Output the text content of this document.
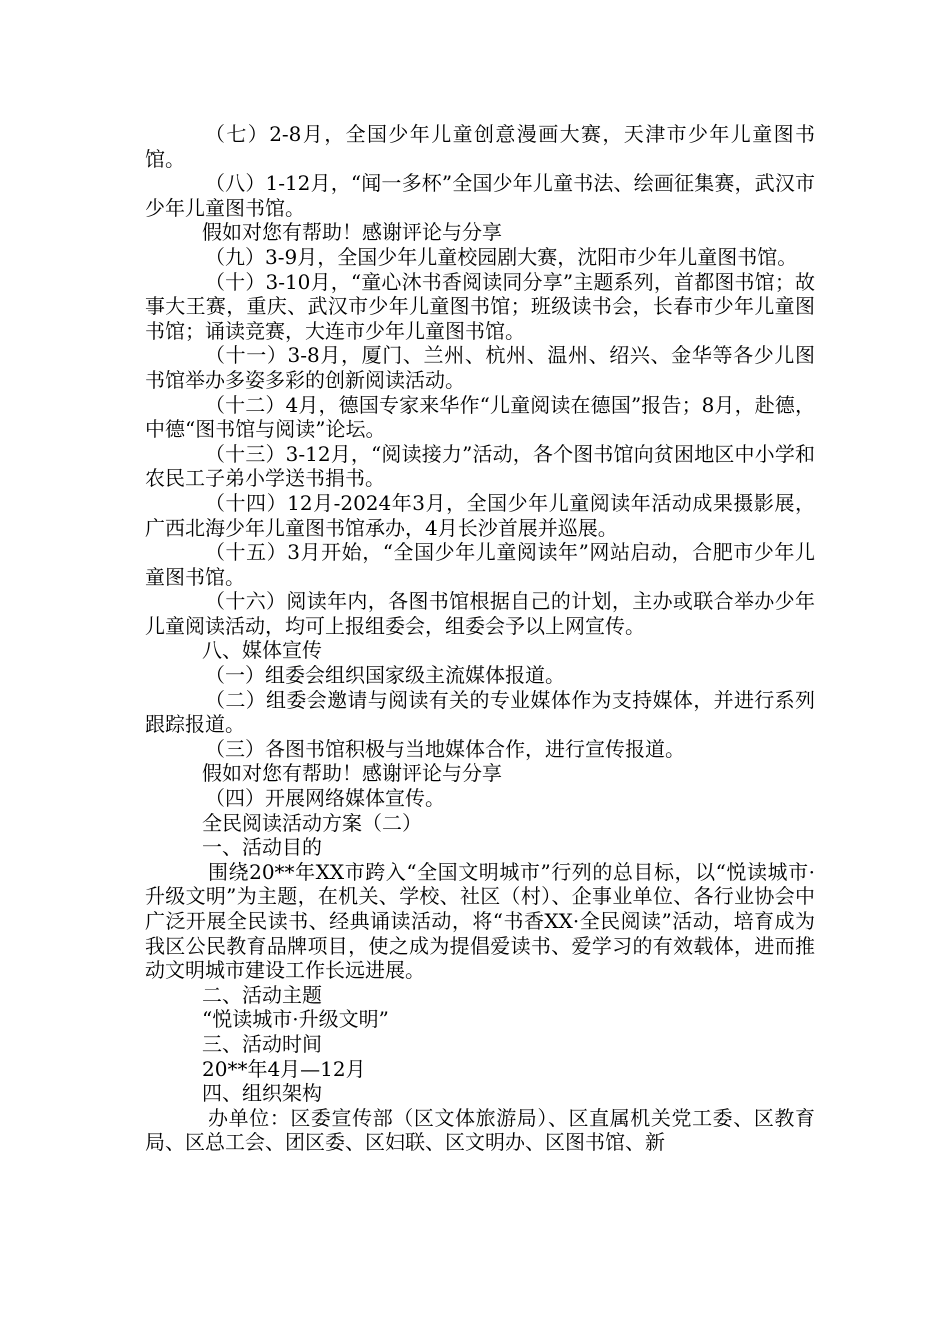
（七）2-8月，全国少年儿童创意漫画大赛，天津市少年儿童图书馆。

（八）1-12月，“闻一多杯”全国少年儿童书法、绘画征集赛，武汉市少年儿童图书馆。

假如对您有帮助！感谢评论与分享

（九）3-9月，全国少年儿童校园剧大赛，沈阳市少年儿童图书馆。

（十）3-10月，“童心沐书香阅读同分享”主题系列，首都图书馆；故事大王赛，重庆、武汉市少年儿童图书馆；班级读书会，长春市少年儿童图书馆；诵读竞赛，大连市少年儿童图书馆。

（十一）3-8月，厦门、兰州、杭州、温州、绍兴、金华等各少儿图书馆举办多姿多彩的创新阅读活动。

（十二）4月，德国专家来华作“儿童阅读在德国”报告；8月，赴德，中德“图书馆与阅读”论坛。

（十三）3-12月，“阅读接力”活动，各个图书馆向贫困地区中小学和农民工子弟小学送书捐书。

（十四）12月-2024年3月，全国少年儿童阅读年活动成果摄影展，广西北海少年儿童图书馆承办，4月长沙首展并巡展。

（十五）3月开始，“全国少年儿童阅读年”网站启动，合肥市少年儿童图书馆。

（十六）阅读年内，各图书馆根据自己的计划，主办或联合举办少年儿童阅读活动，均可上报组委会，组委会予以上网宣传。

八、媒体宣传

（一）组委会组织国家级主流媒体报道。

（二）组委会邀请与阅读有关的专业媒体作为支持媒体，并进行系列跟踪报道。

（三）各图书馆积极与当地媒体合作，进行宣传报道。

假如对您有帮助！感谢评论与分享

（四）开展网络媒体宣传。

全民阅读活动方案（二）

一、活动目的

围绕20**年XX市跨入“全国文明城市”行列的总目标，以“悦读城市·升级文明”为主题，在机关、学校、社区（村）、企事业单位、各行业协会中广泛开展全民读书、经典诵读活动，将“书香XX·全民阅读”活动，培育成为我区公民教育品牌项目，使之成为提倡爱读书、爱学习的有效载体，进而推动文明城市建设工作长远进展。

二、活动主题

“悦读城市·升级文明”

三、活动时间

20**年4月—12月

四、组织架构

办单位：区委宣传部（区文体旅游局）、区直属机关党工委、区教育局、区总工会、团区委、区妇联、区文明办、区图书馆、新
